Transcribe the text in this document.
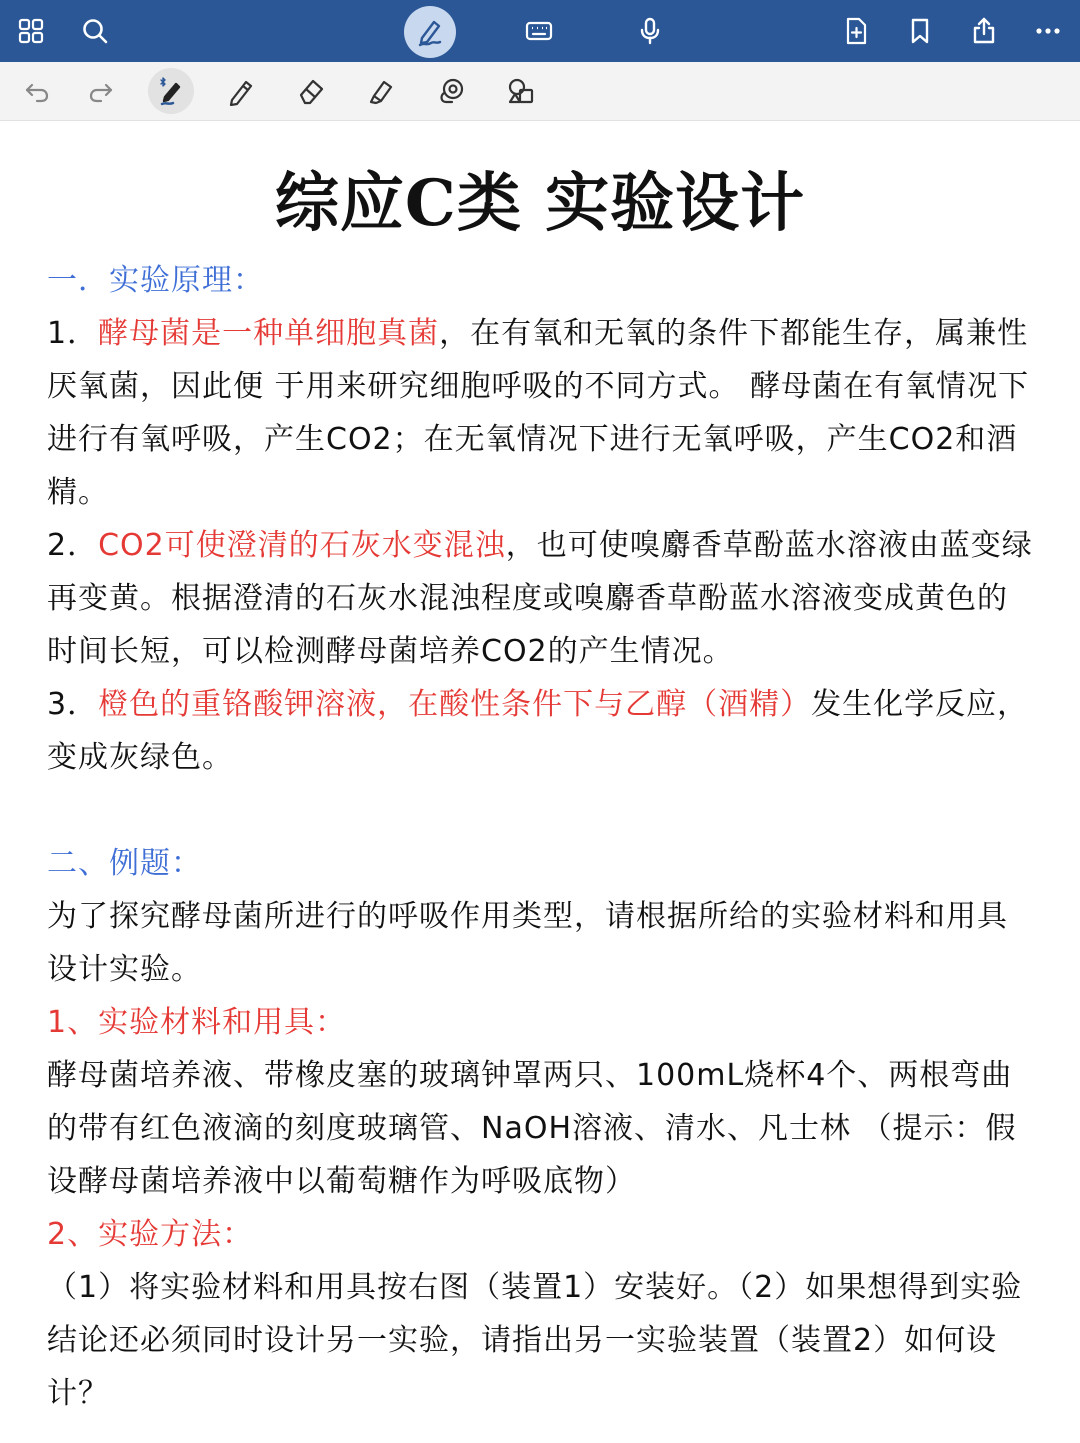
综应C类 实验设计

一．实验原理：

1．酵母菌是一种单细胞真菌，在有氧和无氧的条件下都能生存，属兼性厌氧菌，因此便 于用来研究细胞呼吸的不同方式。 酵母菌在有氧情况下进行有氧呼吸，产生CO2；在无氧情况下进行无氧呼吸，产生CO2和酒精。

2．CO2可使澄清的石灰水变混浊，也可使嗅麝香草酚蓝水溶液由蓝变绿再变黄。根据澄清的石灰水混浊程度或嗅麝香草酚蓝水溶液变成黄色的时间长短，可以检测酵母菌培养CO2的产生情况。

3．橙色的重铬酸钾溶液，在酸性条件下与乙醇（酒精）发生化学反应，变成灰绿色。

二、例题：

为了探究酵母菌所进行的呼吸作用类型，请根据所给的实验材料和用具设计实验。

1、实验材料和用具：

酵母菌培养液、带橡皮塞的玻璃钟罩两只、100mL烧杯4个、两根弯曲的带有红色液滴的刻度玻璃管、NaOH溶液、清水、凡士林 （提示：假设酵母菌培养液中以葡萄糖作为呼吸底物）

2、实验方法：

（1）将实验材料和用具按右图（装置1）安装好。（2）如果想得到实验结论还必须同时设计另一实验，请指出另一实验装置（装置2）如何设计？
